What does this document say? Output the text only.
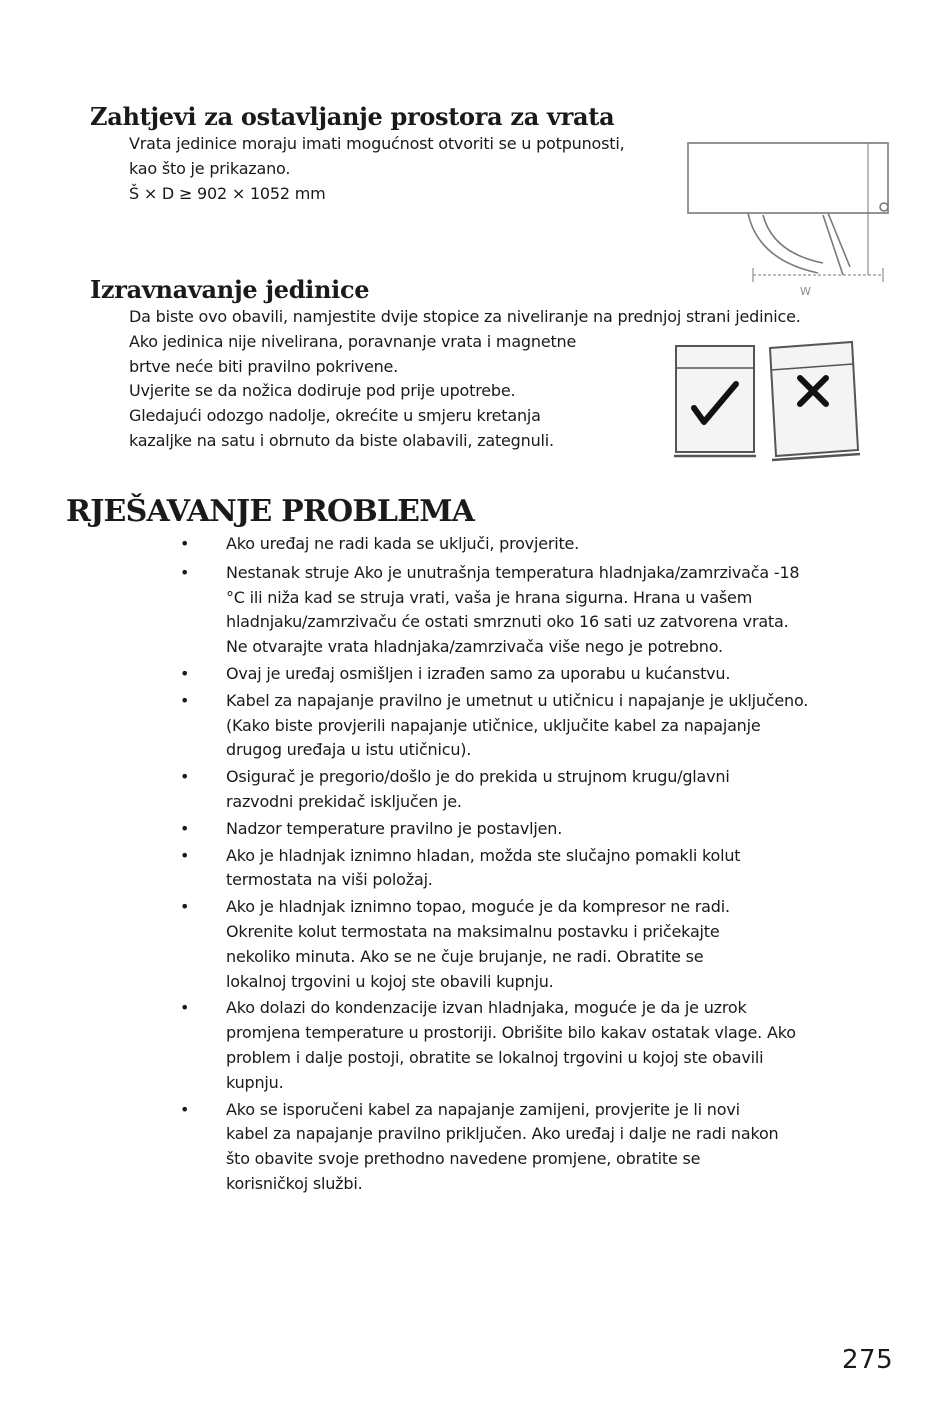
Zahtjevi za ostavljanje prostora za vrata
Vrata jedinice moraju imati mogućnost otvoriti se u potpunosti,
kao što je prikazano.
Š × D ≥ 902 × 1052 mm
W
Izravnavanje jedinice
Da biste ovo obavili, namjestite dvije stopice za niveliranje na prednjoj strani jedinice.
Ako jedinica nije nivelirana, poravnanje vrata i magnetne
brtve neće biti pravilno pokrivene.
Uvjerite se da nožica dodiruje pod prije upotrebe.
Gledajući odozgo nadolje, okrećite u smjeru kretanja
kazaljke na satu i obrnuto da biste olabavili, zategnuli.
RJEŠAVANJE PROBLEMA
• Ako uređaj ne radi kada se uključi, provjerite.
• Nestanak struje Ako je unutrašnja temperatura hladnjaka/zamrzivača -18
°C ili niža kad se struja vrati, vaša je hrana sigurna. Hrana u vašem
hladnjaku/zamrzivaču će ostati smrznuti oko 16 sati uz zatvorena vrata.
Ne otvarajte vrata hladnjaka/zamrzivača više nego je potrebno.
• Ovaj je uređaj osmišljen i izrađen samo za uporabu u kućanstvu.
• Kabel za napajanje pravilno je umetnut u utičnicu i napajanje je uključeno.
(Kako biste provjerili napajanje utičnice, uključite kabel za napajanje
drugog uređaja u istu utičnicu).
• Osigurač je pregorio/došlo je do prekida u strujnom krugu/glavni
razvodni prekidač isključen je.
• Nadzor temperature pravilno je postavljen.
• Ako je hladnjak iznimno hladan, možda ste slučajno pomakli kolut
termostata na viši položaj.
• Ako je hladnjak iznimno topao, moguće je da kompresor ne radi.
Okrenite kolut termostata na maksimalnu postavku i pričekajte
nekoliko minuta. Ako se ne čuje brujanje, ne radi. Obratite se
lokalnoj trgovini u kojoj ste obavili kupnju.
• Ako dolazi do kondenzacije izvan hladnjaka, moguće je da je uzrok
promjena temperature u prostoriji. Obrišite bilo kakav ostatak vlage. Ako
problem i dalje postoji, obratite se lokalnoj trgovini u kojoj ste obavili
kupnju.
• Ako se isporučeni kabel za napajanje zamijeni, provjerite je li novi
kabel za napajanje pravilno priključen. Ako uređaj i dalje ne radi nakon
što obavite svoje prethodno navedene promjene, obratite se
korisničkoj službi.
275
